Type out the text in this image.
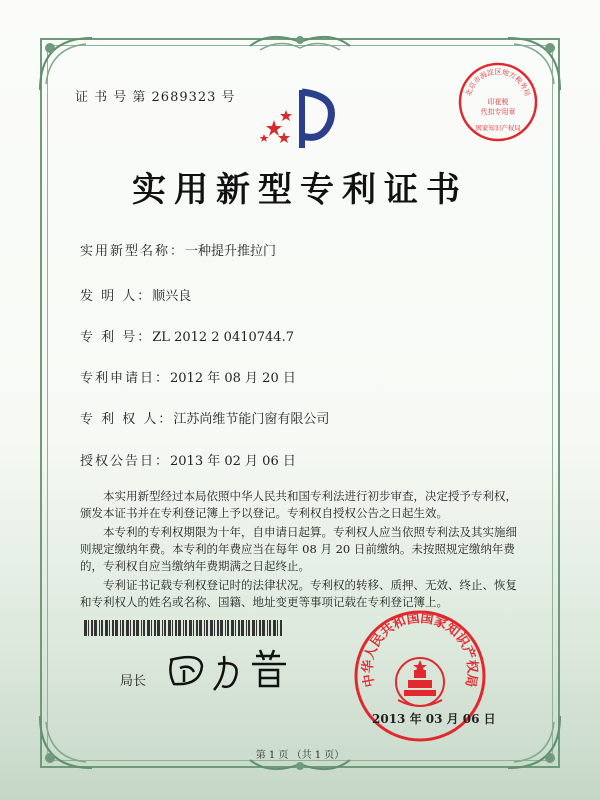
证 书 号 第 2689323 号	北京市海淀区地方税务局
印花税
代扣专用章
国家知识产权局
实用新型专利证书
实用新型名称：一种提升推拉门
发 明 人：顺兴良
专 利 号：ZL 2012 2 0410744.7
专利申请日：2012 年 08 月 20 日
专 利 权 人：江苏尚维节能门窗有限公司
授权公告日：2013 年 02 月 06 日

本实用新型经过本局依照中华人民共和国专利法进行初步审查，决定授予专利权，颁发本证书并在专利登记簿上予以登记。专利权自授权公告之日起生效。

本专利的专利权期限为十年，自申请日起算。专利权人应当依照专利法及其实施细则规定缴纳年费。本专利的年费应当在每年 08 月 20 日前缴纳。未按照规定缴纳年费的，专利权自应当缴纳年费期满之日起终止。

专利证书记载专利权登记时的法律状况。专利权的转移、质押、无效、终止、恢复和专利权人的姓名或名称、国籍、地址变更等事项记载在专利登记簿上。

局长	中华人民共和国国家知识产权局
2013 年 03 月 06 日
第 1 页 （共 1 页）
